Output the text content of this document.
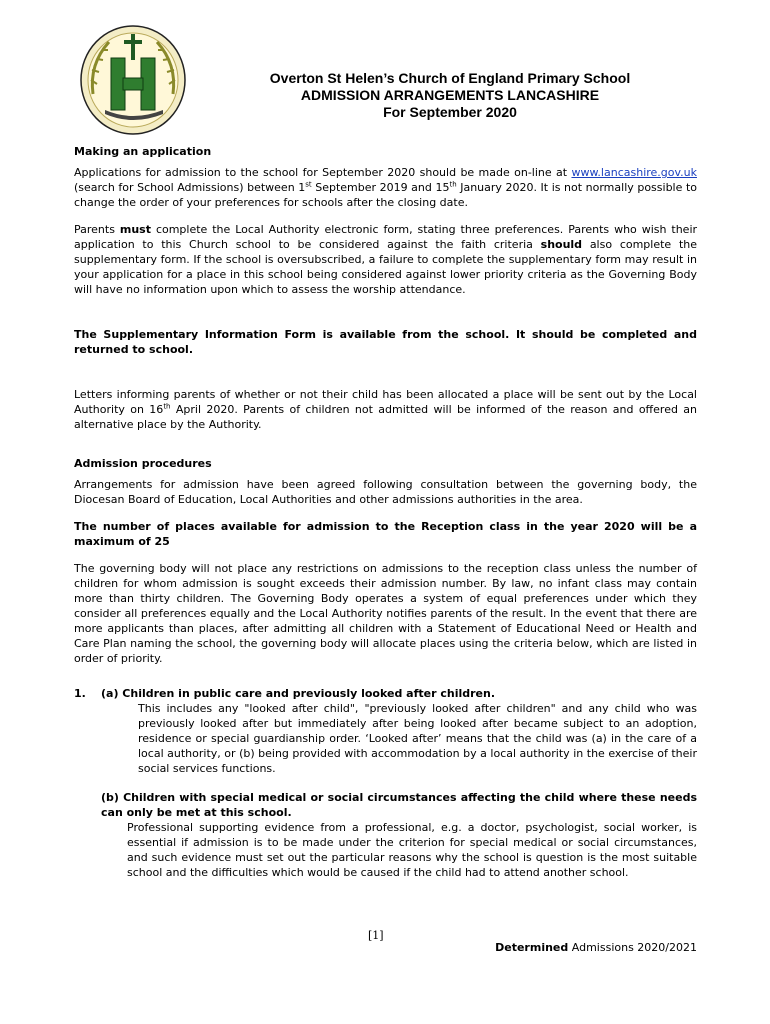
Overton St Helen’s Church of England Primary School
ADMISSION ARRANGEMENTS LANCASHIRE
For September 2020

Making an application

Applications for admission to the school for September 2020 should be made on-line at www.lancashire.gov.uk (search for School Admissions) between 1st September 2019 and 15th January 2020. It is not normally possible to change the order of your preferences for schools after the closing date.

Parents must complete the Local Authority electronic form, stating three preferences. Parents who wish their application to this Church school to be considered against the faith criteria should also complete the supplementary form. If the school is oversubscribed, a failure to complete the supplementary form may result in your application for a place in this school being considered against lower priority criteria as the Governing Body will have no information upon which to assess the worship attendance.

The Supplementary Information Form is available from the school. It should be completed and returned to school.

Letters informing parents of whether or not their child has been allocated a place will be sent out by the Local Authority on 16th April 2020. Parents of children not admitted will be informed of the reason and offered an alternative place by the Authority.

Admission procedures

Arrangements for admission have been agreed following consultation between the governing body, the Diocesan Board of Education, Local Authorities and other admissions authorities in the area.

The number of places available for admission to the Reception class in the year 2020 will be a maximum of 25

The governing body will not place any restrictions on admissions to the reception class unless the number of children for whom admission is sought exceeds their admission number. By law, no infant class may contain more than thirty children. The Governing Body operates a system of equal preferences under which they consider all preferences equally and the Local Authority notifies parents of the result. In the event that there are more applicants than places, after admitting all children with a Statement of Educational Need or Health and Care Plan naming the school, the governing body will allocate places using the criteria below, which are listed in order of priority.

1. (a) Children in public care and previously looked after children.
This includes any "looked after child", "previously looked after children" and any child who was previously looked after but immediately after being looked after became subject to an adoption, residence or special guardianship order. ‘Looked after’ means that the child was (a) in the care of a local authority, or (b) being provided with accommodation by a local authority in the exercise of their social services functions.
(b) Children with special medical or social circumstances affecting the child where these needs can only be met at this school.
Professional supporting evidence from a professional, e.g. a doctor, psychologist, social worker, is essential if admission is to be made under the criterion for special medical or social circumstances, and such evidence must set out the particular reasons why the school is question is the most suitable school and the difficulties which would be caused if the child had to attend another school.
[1]
Determined Admissions 2020/2021
